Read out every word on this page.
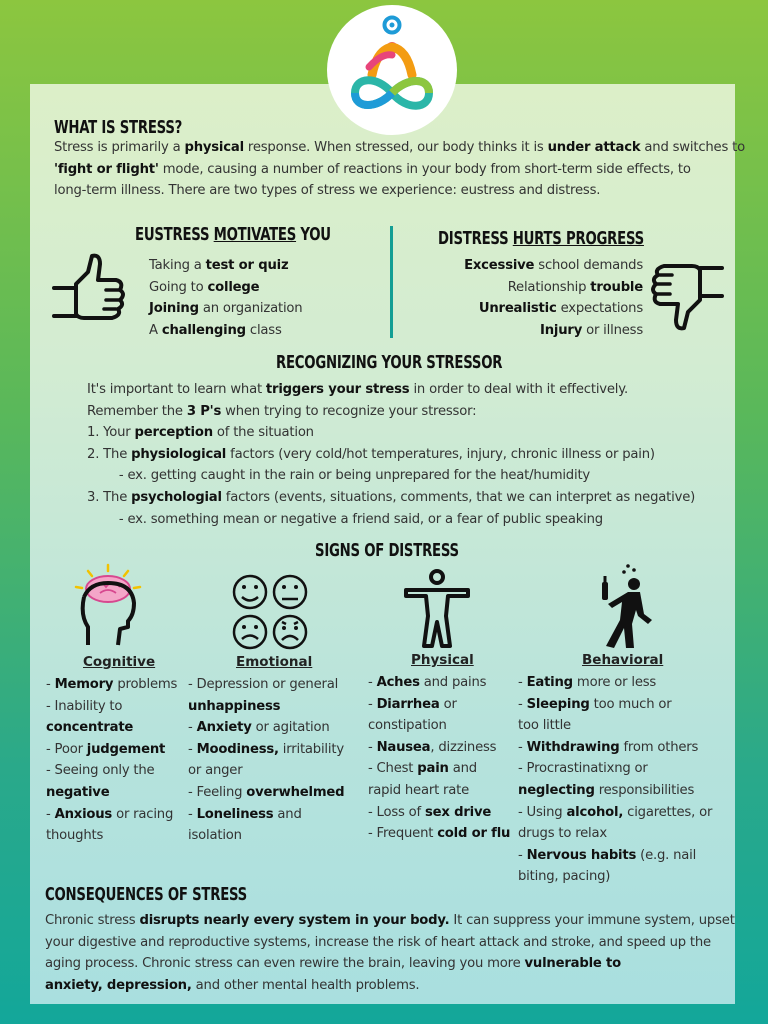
WHAT IS STRESS?
Stress is primarily a physical response. When stressed, our body thinks it is under attack and switches to
'fight or flight' mode, causing a number of reactions in your body from short-term side effects, to
long-term illness. There are two types of stress we experience: eustress and distress.
EUSTRESS MOTIVATES YOU
Taking a test or quiz
Going to college
Joining an organization
A challenging class
DISTRESS HURTS PROGRESS
Excessive school demands
Relationship trouble
Unrealistic expectations
Injury or illness
RECOGNIZING YOUR STRESSOR
It's important to learn what triggers your stress in order to deal with it effectively.
Remember the 3 P's when trying to recognize your stressor:
1. Your perception of the situation
2. The physiological factors (very cold/hot temperatures, injury, chronic illness or pain)
- ex. getting caught in the rain or being unprepared for the heat/humidity
3. The psychologial factors (events, situations, comments, that we can interpret as negative)
- ex. something mean or negative a friend said, or a fear of public speaking
SIGNS OF DISTRESS
Cognitive	Emotional	Physical	Behavioral
- Memory problems
- Inability to
concentrate
- Poor judgement
- Seeing only the
negative
- Anxious or racing
thoughts
- Depression or general
unhappiness
- Anxiety or agitation
- Moodiness, irritability
or anger
- Feeling overwhelmed
- Loneliness and
isolation
- Aches and pains
- Diarrhea or
constipation
- Nausea, dizziness
- Chest pain and
rapid heart rate
- Loss of sex drive
- Frequent cold or flu
- Eating more or less
- Sleeping too much or
too little
- Withdrawing from others
- Procrastinatixng or
neglecting responsibilities
- Using alcohol, cigarettes, or
drugs to relax
- Nervous habits (e.g. nail
biting, pacing)
CONSEQUENCES OF STRESS
Chronic stress disrupts nearly every system in your body. It can suppress your immune system, upset
your digestive and reproductive systems, increase the risk of heart attack and stroke, and speed up the
aging process. Chronic stress can even rewire the brain, leaving you more vulnerable to
anxiety, depression, and other mental health problems.
